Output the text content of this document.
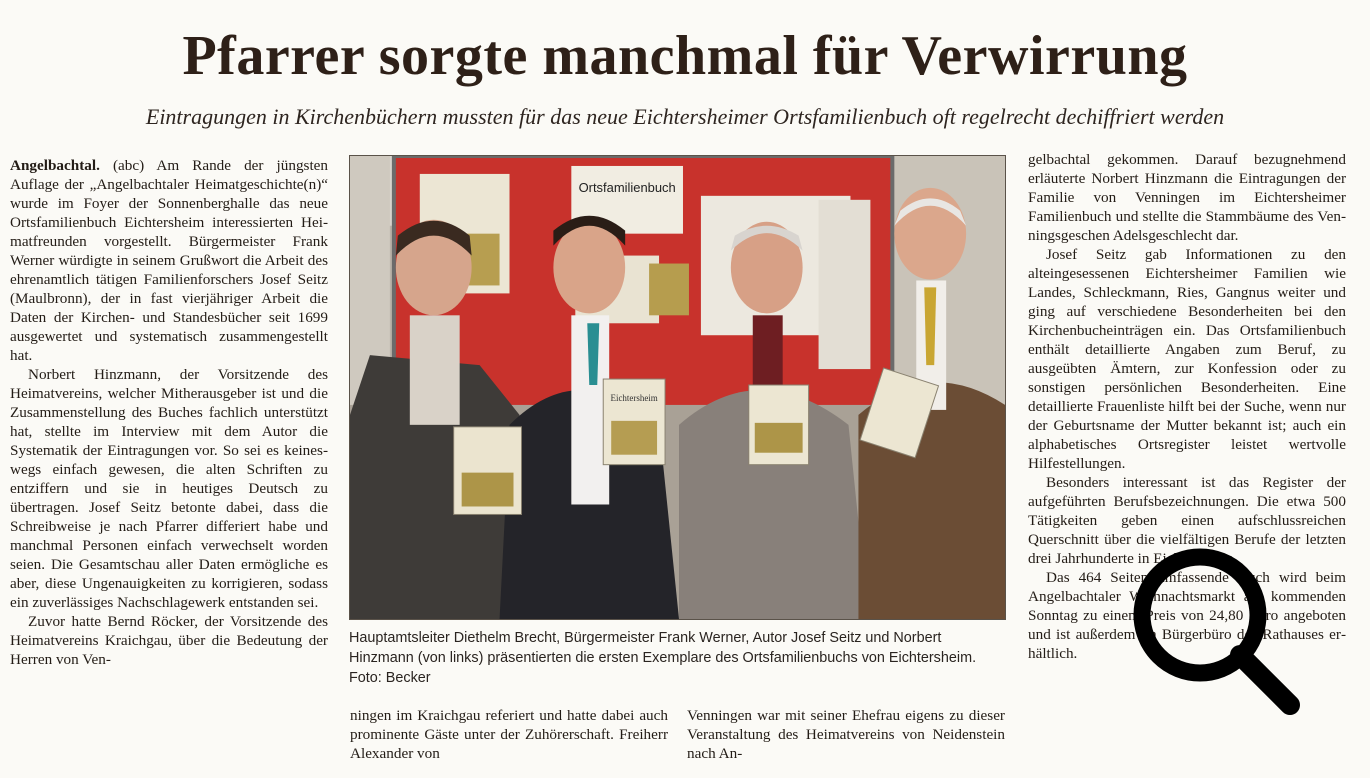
Pfarrer sorgte manchmal für Verwirrung
Eintragungen in Kirchenbüchern mussten für das neue Eichtersheimer Ortsfamilienbuch oft regelrecht dechiffriert werden

Angelbachtal. (abc) Am Rande der jüngsten Auflage der „Angelbachtaler Heimatgeschichte(n)“ wurde im Foyer der Sonnenberghalle das neue Ortsfamilienbuch Eichtersheim interessierten Heimatfreunden vorgestellt. Bürgermeister Frank Werner würdigte in seinem Grußwort die Arbeit des ehrenamtlich tätigen Familienforschers Josef Seitz (Maulbronn), der in fast vierjähriger Arbeit die Daten der Kirchen- und Standesbücher seit 1699 ausgewertet und systematisch zusammengestellt hat.

Norbert Hinzmann, der Vorsitzende des Heimatvereins, welcher Mitherausgeber ist und die Zusammenstellung des Buches fachlich unterstützt hat, stellte im Interview mit dem Autor die Systematik der Eintragungen vor. So sei es keineswegs einfach gewesen, die alten Schriften zu entziffern und sie in heutiges Deutsch zu übertragen. Josef Seitz betonte dabei, dass die Schreibweise je nach Pfarrer differiert habe und manchmal Personen einfach verwechselt worden seien. Die Gesamtschau aller Daten ermögliche es aber, diese Ungenauigkeiten zu korrigieren, sodass ein zuverlässiges Nachschlagewerk entstanden sei.

Zuvor hatte Bernd Röcker, der Vorsitzende des Heimatvereins Kraichgau, über die Bedeutung der Herren von Ven-

Ortsfamilienbuch
Eichtersheim
Hauptamtsleiter Diethelm Brecht, Bürgermeister Frank Werner, Autor Josef Seitz und Norbert Hinzmann (von links) präsentierten die ersten Exemplare des Ortsfamilienbuchs von Eichtersheim. Foto: Becker

ningen im Kraichgau referiert und hatte dabei auch prominente Gäste unter der Zuhörerschaft. Freiherr Alexander von

Venningen war mit seiner Ehefrau eigens zu dieser Veranstaltung des Heimatvereins von Neidenstein nach An-

gelbachtal gekommen. Darauf bezugnehmend erläuterte Norbert Hinzmann die Eintragungen der Familie von Venningen im Eichtersheimer Familienbuch und stellte die Stammbäume des Venningsgeschen Adelsgeschlecht dar.

Josef Seitz gab Informationen zu den alteingesessenen Eichtersheimer Familien wie Landes, Schleckmann, Ries, Gangnus weiter und ging auf verschiedene Besonderheiten bei den Kirchenbucheinträgen ein. Das Ortsfamilienbuch enthält detaillierte Angaben zum Beruf, zu ausgeübten Ämtern, zur Konfession oder zu sonstigen persönlichen Besonderheiten. Eine detaillierte Frauenliste hilft bei der Suche, wenn nur der Geburtsname der Mutter bekannt ist; auch ein alphabetisches Ortsregister leistet wertvolle Hilfestellungen.

Besonders interessant ist das Register der aufgeführten Berufsbezeichnungen. Die etwa 500 Tätigkeiten geben einen aufschlussreichen Querschnitt über die vielfältigen Berufe der letzten drei Jahrhunderte in Eichtersheim.

Das 464 Seiten umfassende Buch wird beim Angelbachtaler Weihnachtsmarkt am kommenden Sonntag zu einem Preis von 24,80 Euro angeboten und ist außerdem im Bürgerbüro des Rathauses erhältlich.
